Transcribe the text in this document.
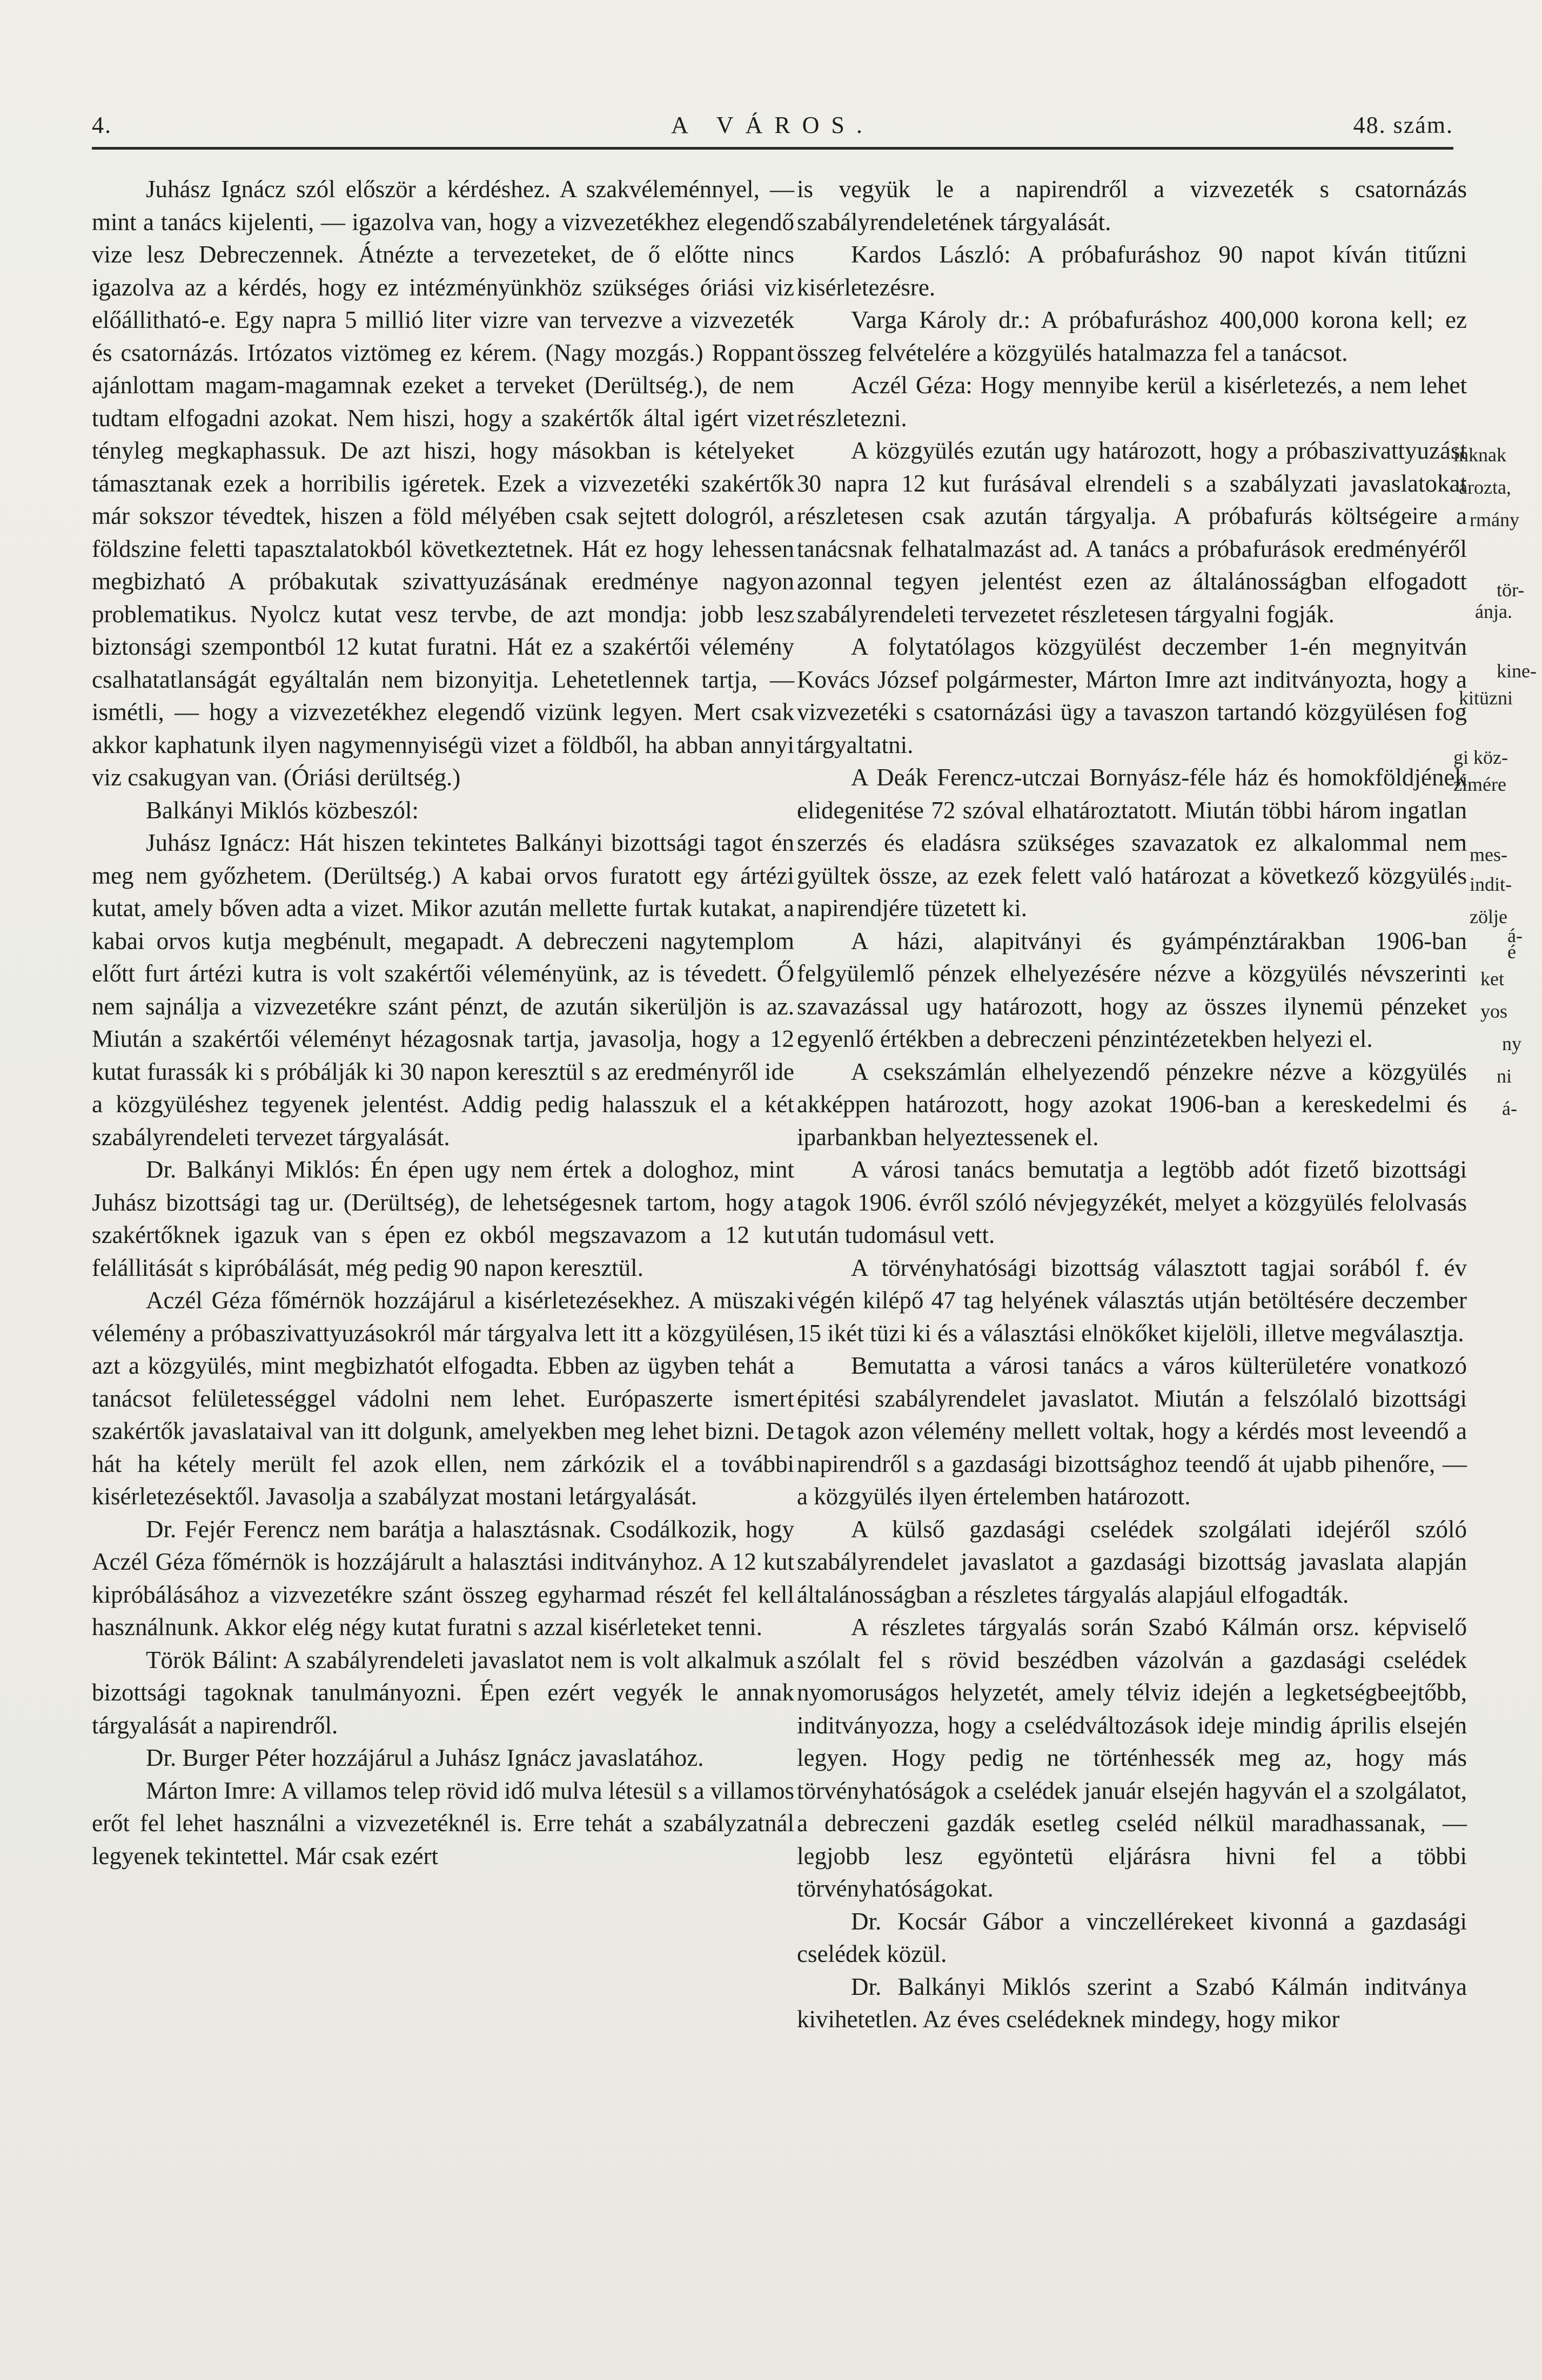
4.	A VÁROS.	48. szám.

Juhász Ignácz szól először a kérdéshez. A szakvéleménnyel, — mint a tanács kijelenti, — igazolva van, hogy a vizvezetékhez elegendő vize lesz Debreczennek. Átnézte a tervezeteket, de ő előtte nincs igazolva az a kérdés, hogy ez intézményünkhöz szükséges óriási viz előállitható-e. Egy napra 5 millió liter vizre van tervezve a vizvezeték és csatornázás. Irtózatos viztömeg ez kérem. (Nagy mozgás.) Roppant ajánlottam magam-magamnak ezeket a terveket (Derültség.), de nem tudtam elfogadni azokat. Nem hiszi, hogy a szakértők által igért vizet tényleg megkaphassuk. De azt hiszi, hogy másokban is kételyeket támasztanak ezek a horribilis igéretek. Ezek a vizvezetéki szakértők már sokszor tévedtek, hiszen a föld mélyében csak sejtett dologról, a földszine feletti tapasztalatokból következtetnek. Hát ez hogy lehessen megbizható A próbakutak szivattyuzásának eredménye nagyon problematikus. Nyolcz kutat vesz tervbe, de azt mondja: jobb lesz biztonsági szempontból 12 kutat furatni. Hát ez a szakértői vélemény csalhatatlanságát egyáltalán nem bizonyitja. Lehetetlennek tartja, — ismétli, — hogy a vizvezetékhez elegendő vizünk legyen. Mert csak akkor kaphatunk ilyen nagymennyiségü vizet a földből, ha abban annyi viz csakugyan van. (Óriási derültség.)

Balkányi Miklós közbeszól:

Juhász Ignácz: Hát hiszen tekintetes Balkányi bizottsági tagot én meg nem győzhetem. (Derültség.) A kabai orvos furatott egy ártézi kutat, amely bőven adta a vizet. Mikor azután mellette furtak kutakat, a kabai orvos kutja megbénult, megapadt. A debreczeni nagytemplom előtt furt ártézi kutra is volt szakértői véleményünk, az is tévedett. Ő nem sajnálja a vizvezetékre szánt pénzt, de azután sikerüljön is az. Miután a szakértői véleményt hézagosnak tartja, javasolja, hogy a 12 kutat furassák ki s próbálják ki 30 napon keresztül s az eredményről ide a közgyüléshez tegyenek jelentést. Addig pedig halasszuk el a két szabályrendeleti tervezet tárgyalását.

Dr. Balkányi Miklós: Én épen ugy nem értek a dologhoz, mint Juhász bizottsági tag ur. (Derültség), de lehetségesnek tartom, hogy a szakértőknek igazuk van s épen ez okból megszavazom a 12 kut felállitását s kipróbálását, még pedig 90 napon keresztül.

Aczél Géza főmérnök hozzájárul a kisérletezésekhez. A müszaki vélemény a próbaszivattyuzásokról már tárgyalva lett itt a közgyülésen, azt a közgyülés, mint megbizhatót elfogadta. Ebben az ügyben tehát a tanácsot felületességgel vádolni nem lehet. Európaszerte ismert szakértők javaslataival van itt dolgunk, amelyekben meg lehet bizni. De hát ha kétely merült fel azok ellen, nem zárkózik el a további kisérletezésektől. Javasolja a szabályzat mostani letárgyalását.

Dr. Fejér Ferencz nem barátja a halasztásnak. Csodálkozik, hogy Aczél Géza főmérnök is hozzájárult a halasztási inditványhoz. A 12 kut kipróbálásához a vizvezetékre szánt összeg egyharmad részét fel kell használnunk. Akkor elég négy kutat furatni s azzal kisérleteket tenni.

Török Bálint: A szabályrendeleti javaslatot nem is volt alkalmuk a bizottsági tagoknak tanulmányozni. Épen ezért vegyék le annak tárgyalását a napirendről.

Dr. Burger Péter hozzájárul a Juhász Ignácz javaslatához.

Márton Imre: A villamos telep rövid idő mulva létesül s a villamos erőt fel lehet használni a vizvezetéknél is. Erre tehát a szabályzatnál legyenek tekintettel. Már csak ezért

is vegyük le a napirendről a vizvezeték s csatornázás szabályrendeletének tárgyalását.

Kardos László: A próbafuráshoz 90 napot kíván titűzni kisérletezésre.

Varga Károly dr.: A próbafuráshoz 400,000 korona kell; ez összeg felvételére a közgyülés hatalmazza fel a tanácsot.

Aczél Géza: Hogy mennyibe kerül a kisérletezés, a nem lehet részletezni.

A közgyülés ezután ugy határozott, hogy a próbaszivattyuzást 30 napra 12 kut furásával elrendeli s a szabályzati javaslatokat részletesen csak azután tárgyalja. A próbafurás költségeire a tanácsnak felhatalmazást ad. A tanács a próbafurások eredményéről azonnal tegyen jelentést ezen az általánosságban elfogadott szabályrendeleti tervezetet részletesen tárgyalni fogják.

A folytatólagos közgyülést deczember 1-én megnyitván Kovács József polgármester, Márton Imre azt inditványozta, hogy a vizvezetéki s csatornázási ügy a tavaszon tartandó közgyülésen fog tárgyaltatni.

A Deák Ferencz-utczai Bornyász-féle ház és homokföldjének elidegenitése 72 szóval elhatároztatott. Miután többi három ingatlan szerzés és eladásra szükséges szavazatok ez alkalommal nem gyültek össze, az ezek felett való határozat a következő közgyülés napirendjére tüzetett ki.

A házi, alapitványi és gyámpénztárakban 1906-ban felgyülemlő pénzek elhelyezésére nézve a közgyülés névszerinti szavazással ugy határozott, hogy az összes ilynemü pénzeket egyenlő értékben a debreczeni pénzintézetekben helyezi el.

A csekszámlán elhelyezendő pénzekre nézve a közgyülés akképpen határozott, hogy azokat 1906-ban a kereskedelmi és iparbankban helyeztessenek el.

A városi tanács bemutatja a legtöbb adót fizető bizottsági tagok 1906. évről szóló névjegyzékét, melyet a közgyülés felolvasás után tudomásul vett.

A törvényhatósági bizottság választott tagjai sorából f. év végén kilépő 47 tag helyének választás utján betöltésére deczember 15 ikét tüzi ki és a választási elnökőket kijelöli, illetve megválasztja.

Bemutatta a városi tanács a város külterületére vonatkozó épitési szabályrendelet javaslatot. Miután a felszólaló bizottsági tagok azon vélemény mellett voltak, hogy a kérdés most leveendő a napirendről s a gazdasági bizottsághoz teendő át ujabb pihenőre, — a közgyülés ilyen értelemben határozott.

A külső gazdasági cselédek szolgálati idejéről szóló szabályrendelet javaslatot a gazdasági bizottság javaslata alapján általánosságban a részletes tárgyalás alapjául elfogadták.

A részletes tárgyalás során Szabó Kálmán orsz. képviselő szólalt fel s rövid beszédben vázolván a gazdasági cselédek nyomoruságos helyzetét, amely télviz idején a legketségbeejtőbb, inditványozza, hogy a cselédváltozások ideje mindig április elsején legyen. Hogy pedig ne történhessék meg az, hogy más törvényhatóságok a cselédek január elsején hagyván el a szolgálatot, a debreczeni gazdák esetleg cseléd nélkül maradhassanak, — legjobb lesz egyöntetü eljárásra hivni fel a többi törvényhatóságokat.

Dr. Kocsár Gábor a vinczellérekeet kivonná a gazdasági cselédek közül.

Dr. Balkányi Miklós szerint a Szabó Kálmán inditványa kivihetetlen. Az éves cselédeknek mindegy, hogy mikor

inknak
ározta,
rmány
tör-
ánja.
kine-
kitüzni
gi köz-
zlmére
mes-
indit-
zölje
á-
é
ket
yos
ny
ni
á-
